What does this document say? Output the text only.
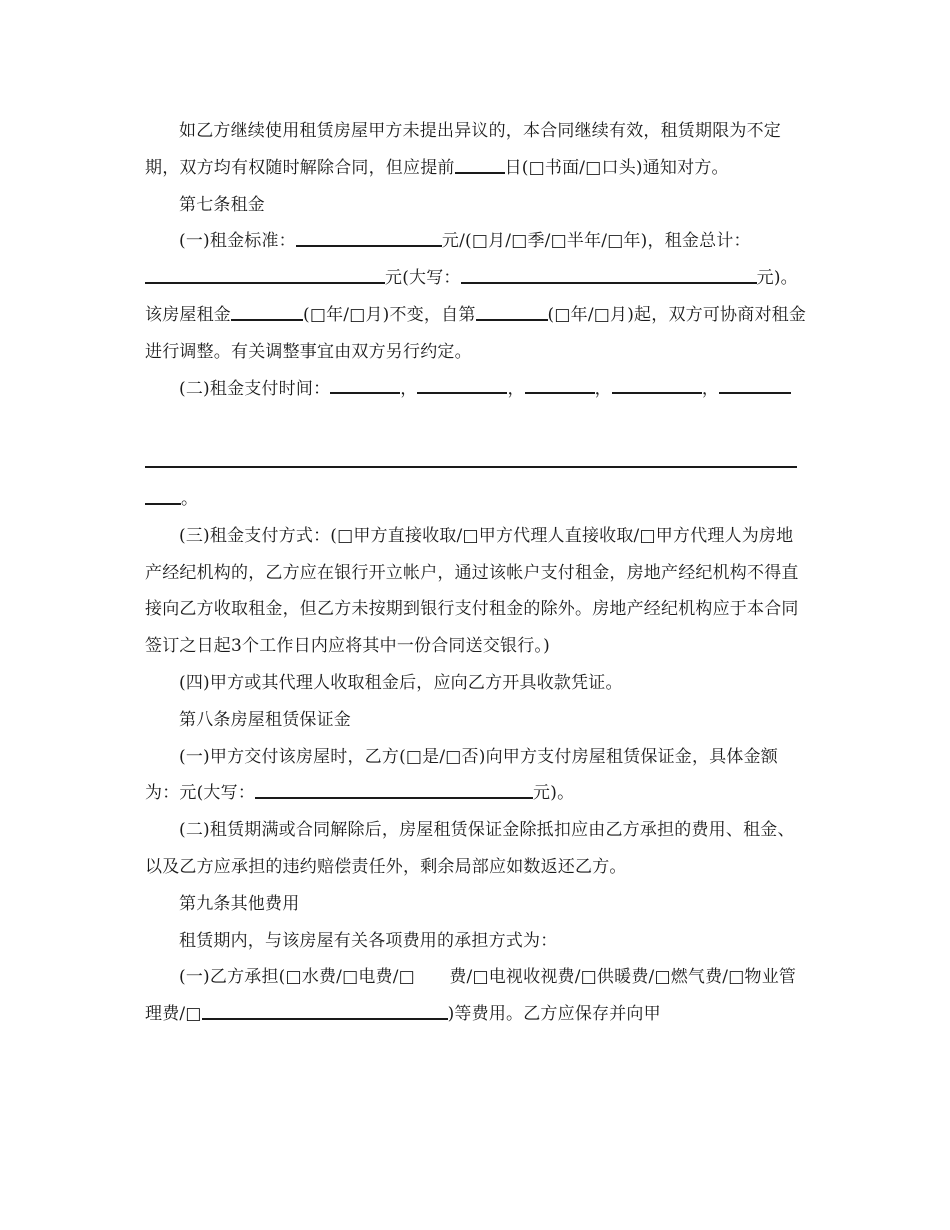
如乙方继续使用租赁房屋甲方未提出异议的，本合同继续有效，租赁期限为不定期，双方均有权随时解除合同，但应提前	日(□书面/□口头)通知对方。

第七条租金

(一)租金标准：	元/(□月/□季/□半年/□年)，租金总计：元(大写：	元)。该房屋租金	(□年/□月)不变，自第	(□年/□月)起，双方可协商对租金进行调整。有关调整事宜由双方另行约定。

(二)租金支付时间：	，	，	，	，

。

(三)租金支付方式：(□甲方直接收取/□甲方代理人直接收取/□甲方代理人为房地产经纪机构的，乙方应在银行开立帐户，通过该帐户支付租金，房地产经纪机构不得直接向乙方收取租金，但乙方未按期到银行支付租金的除外。房地产经纪机构应于本合同签订之日起3个工作日内应将其中一份合同送交银行。)

(四)甲方或其代理人收取租金后，应向乙方开具收款凭证。

第八条房屋租赁保证金

(一)甲方交付该房屋时，乙方(□是/□否)向甲方支付房屋租赁保证金，具体金额为：元(大写：	元)。

(二)租赁期满或合同解除后，房屋租赁保证金除抵扣应由乙方承担的费用、租金、以及乙方应承担的违约赔偿责任外，剩余局部应如数返还乙方。

第九条其他费用

租赁期内，与该房屋有关各项费用的承担方式为：

(一)乙方承担(□水费/□电费/□　　费/□电视收视费/□供暖费/□燃气费/□物业管理费/□	)等费用。乙方应保存并向甲
